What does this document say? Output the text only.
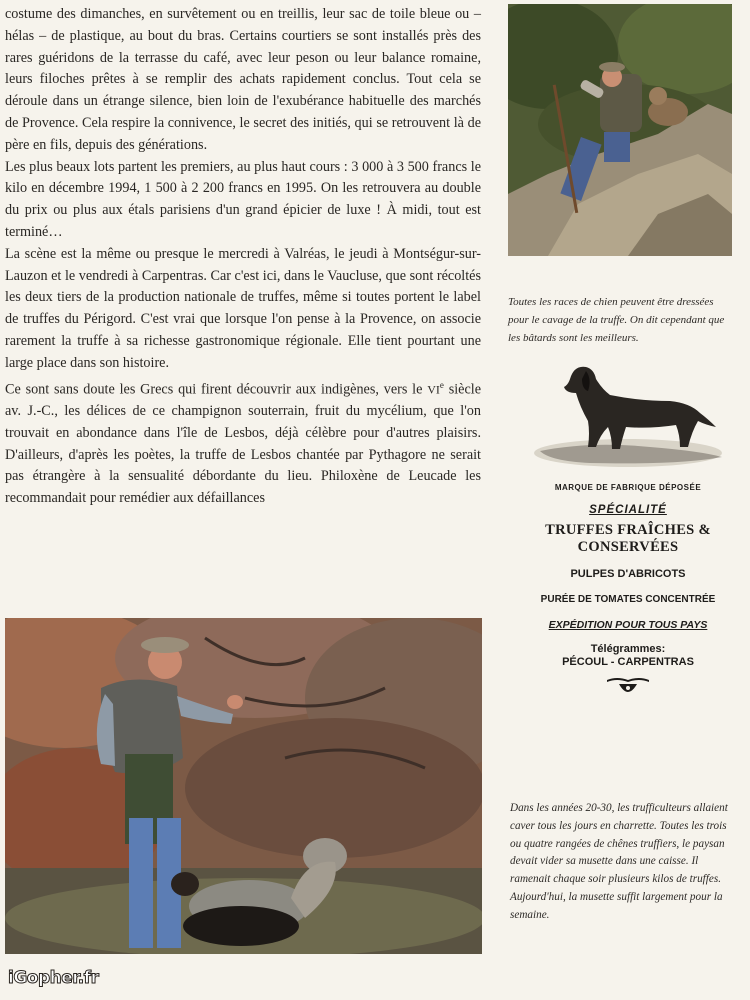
costume des dimanches, en survêtement ou en treillis, leur sac de toile bleue ou – hélas – de plastique, au bout du bras. Certains courtiers se sont installés près des rares guéridons de la terrasse du café, avec leur peson ou leur balance romaine, leurs filoches prêtes à se remplir des achats rapidement conclus. Tout cela se déroule dans un étrange silence, bien loin de l'exubérance habituelle des marchés de Provence. Cela respire la connivence, le secret des initiés, qui se retrouvent là de père en fils, depuis des générations.

Les plus beaux lots partent les premiers, au plus haut cours : 3 000 à 3 500 francs le kilo en décembre 1994, 1 500 à 2 200 francs en 1995. On les retrouvera au double du prix ou plus aux étals parisiens d'un grand épicier de luxe ! À midi, tout est terminé…

La scène est la même ou presque le mercredi à Valréas, le jeudi à Montségur-sur-Lauzon et le vendredi à Carpentras. Car c'est ici, dans le Vaucluse, que sont récoltés les deux tiers de la production nationale de truffes, même si toutes portent le label de truffes du Périgord. C'est vrai que lorsque l'on pense à la Provence, on associe rarement la truffe à sa richesse gastronomique régionale. Elle tient pourtant une large place dans son histoire.

Ce sont sans doute les Grecs qui firent découvrir aux indigènes, vers le VIe siècle av. J.-C., les délices de ce champignon souterrain, fruit du mycélium, que l'on trouvait en abondance dans l'île de Lesbos, déjà célèbre pour d'autres plaisirs. D'ailleurs, d'après les poètes, la truffe de Lesbos chantée par Pythagore ne serait pas étrangère à la sensualité débordante du lieu. Philoxène de Leucade les recommandait pour remédier aux défaillances

Toutes les races de chien peuvent être dressées pour le cavage de la truffe. On dit cependant que les bâtards sont les meilleurs.
MARQUE DE FABRIQUE DÉPOSÉE
SPÉCIALITÉ
TRUFFES FRAÎCHES & CONSERVÉES
PULPES D'ABRICOTS
PURÉE DE TOMATES CONCENTRÉE
EXPÉDITION POUR TOUS PAYS
Télégrammes:
PÉCOUL - CARPENTRAS
Dans les années 20-30, les trufficulteurs allaient caver tous les jours en charrette. Toutes les trois ou quatre rangées de chênes truffiers, le paysan devait vider sa musette dans une caisse. Il ramenait chaque soir plusieurs kilos de truffes. Aujourd'hui, la musette suffit largement pour la semaine.
iGopher.fr
